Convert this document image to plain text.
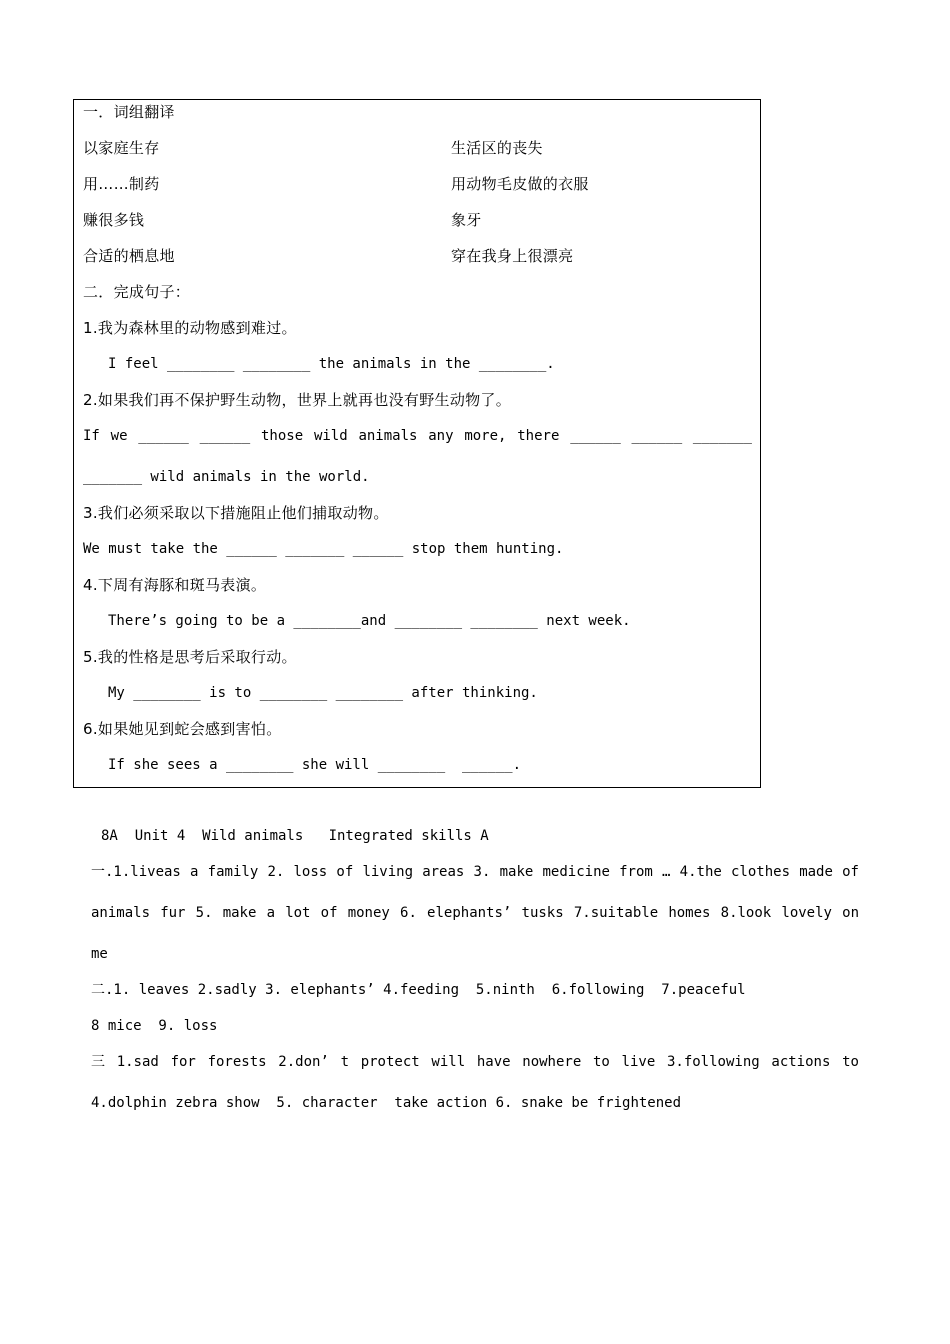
一．词组翻译
以家庭生存	生活区的丧失
用……制药	用动物毛皮做的衣服
赚很多钱	象牙
合适的栖息地	穿在我身上很漂亮
二．完成句子：
1.我为森林里的动物感到难过。
I feel ________ ________ the animals in the ________.
2.如果我们再不保护野生动物，世界上就再也没有野生动物了。
If we ______ ______ those wild animals any more, there ______ ______ _______
_______ wild animals in the world.
3.我们必须采取以下措施阻止他们捕取动物。
We must take the ______ _______ ______ stop them hunting.
4.下周有海豚和斑马表演。
There’s going to be a ________and ________ ________ next week.
5.我的性格是思考后采取行动。
My ________ is to ________ ________ after thinking.
6.如果她见到蛇会感到害怕。
If she sees a ________ she will ________  ______.
8A  Unit 4  Wild animals   Integrated skills A
一.1.liveas a family 2. loss of living areas 3. make medicine from … 4.the clothes made of
animals fur 5. make a lot of money 6. elephants’ tusks 7.suitable homes 8.look lovely on
me
二.1. leaves 2.sadly 3. elephants’ 4.feeding  5.ninth  6.following  7.peaceful
8 mice  9. loss
三 1.sad for forests 2.don’ t protect will have nowhere to live 3.following actions to
4.dolphin zebra show  5. character  take action 6. snake be frightened
